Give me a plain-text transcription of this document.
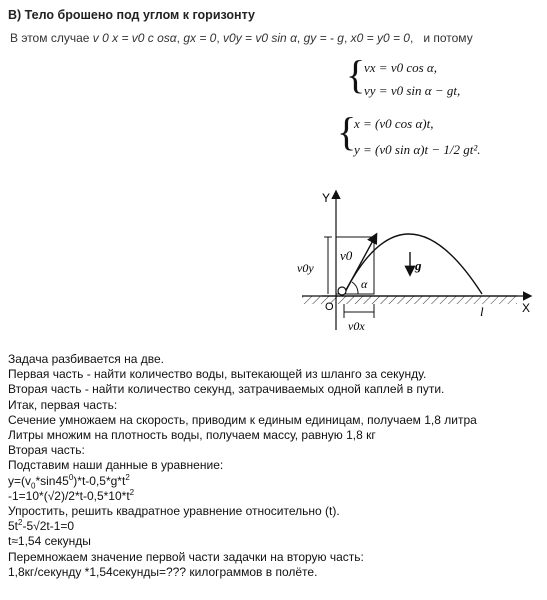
В) Тело брошено под углом к горизонту
В этом случае v 0 x = v0 c osα, gx = 0, v0y = v0 sin α, gy = - g, x0 = y0 = 0,   и потому
{
vx = v0 cos α,
vy = v0 sin α − gt,
{
x = (v0 cos α)t,
y = (v0 sin α)t − 1/2 gt².
Y
X
O
v0
v0y
v0x
α
g
l
Задача разбивается на две.
Первая часть - найти количество воды, вытекающей из шланго за секунду.
Вторая часть - найти количество секунд, затрачиваемых одной каплей в пути.
Итак, первая часть:
Сечение умножаем на скорость, приводим к единым единицам, получаем 1,8 литра
Литры множим на плотность воды, получаем массу, равную 1,8 кг
Вторая часть:
Подставим наши данные в уравнение:
$y=(v_0*\sin 45^0)*t-0,5*g*t^2$
$-1=10*(√2)/2*t-0,5*10*t^2$
Упростить, решить квадратное уравнение относительно (t).
$5t^2-5√2t-1=0$
t≈1,54 секунды
Перемножаем значение первой части задачки на вторую часть:
1,8кг/секунду *1,54секунды=??? килограммов в полёте.
